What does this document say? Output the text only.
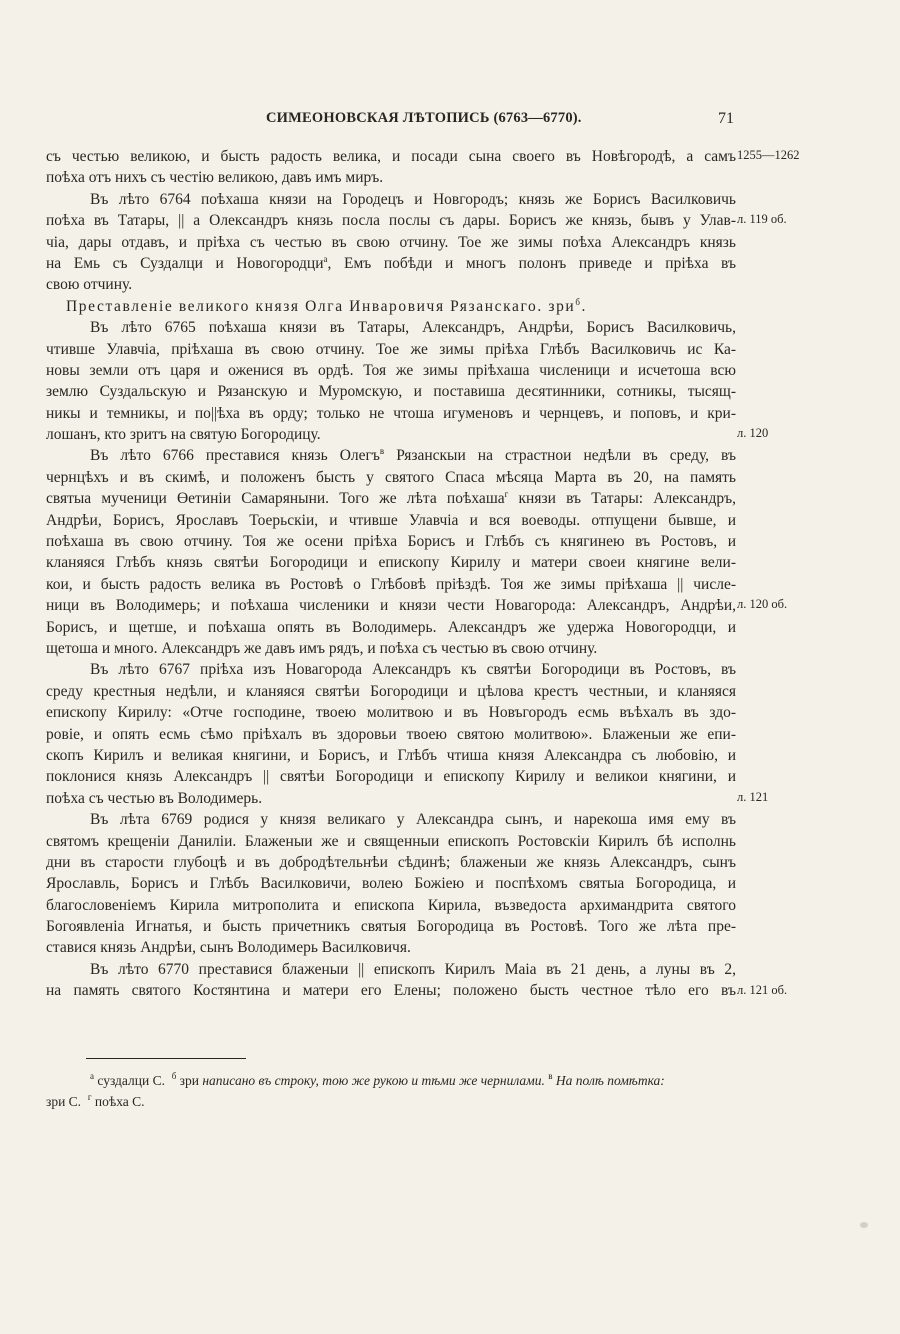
СИМЕОНОВСКАЯ ЛѢТОПИСЬ (6763—6770).	71
съ честью великою, и бысть радость велика, и посади сына своего въ Новѣгородѣ, а самъ
поѣха отъ нихъ съ честію великою, давъ имъ миръ.
Въ лѣто 6764 поѣхаша князи на Городецъ и Новгородъ; князь же Борисъ Василковичь
поѣха въ Татары, || а Олександръ князь посла послы съ дары. Борисъ же князь, бывъ у Улав-
чіа, дары отдавъ, и пріѣха съ честью въ свою отчину. Тое же зимы поѣха Александръ князь
на Емь съ Суздалци и Новогородци$^а$, Емъ побѣди и многъ полонъ приведе и пріѣха въ
свою отчину.
Преставленіе великого князя Олга Инваровичя Рязанскаго. зри$^б$.
Въ лѣто 6765 поѣхаша князи въ Татары, Александръ, Андрѣи, Борисъ Василковичь,
чтивше Улавчіа, пріѣхаша въ свою отчину. Тое же зимы пріѣха Глѣбъ Василковичь ис Ка-
новы земли отъ царя и оженися въ ордѣ. Тоя же зимы пріѣхаша численици и исчетоша всю
землю Суздальскую и Рязанскую и Муромскую, и поставиша десятинники, сотникы, тысящ-
никы и темникы, и по||ѣха въ орду; только не чтоша игуменовъ и чернцевъ, и поповъ, и кри-
лошанъ, кто зритъ на святую Богородицу.
Въ лѣто 6766 преставися князь Олегъ$^в$ Рязанскыи на страстнои недѣли въ среду, въ
чернцѣхъ и въ скимѣ, и положенъ бысть у святого Спаса мѣсяца Марта въ 20, на память
святыа мученици Өетиніи Самаряныни. Того же лѣта поѣхаша$^г$ князи въ Татары: Александръ,
Андрѣи, Борисъ, Ярославъ Тоерьскіи, и чтивше Улавчіа и вся воеводы. отпущени бывше, и
поѣхаша въ свою отчину. Тоя же осени пріѣха Борисъ и Глѣбъ съ княгинею въ Ростовъ, и
кланяяся Глѣбъ князь святѣи Богородици и епископу Кирилу и матери своеи княгине вели-
кои, и бысть радость велика въ Ростовѣ о Глѣбовѣ пріѣздѣ. Тоя же зимы пріѣхаша || числе-
ници въ Володимерь; и поѣхаша численики и князи чести Новагорода: Александръ, Андрѣи,
Борисъ, и щетше, и поѣхаша опять въ Володимерь. Александръ же удержа Новогородци, и
щетоша и много. Александръ же давъ имъ рядъ, и поѣха съ честью въ свою отчину.
Въ лѣто 6767 пріѣха изъ Новагорода Александръ къ святѣи Богородици въ Ростовъ, въ
среду крестныя недѣли, и кланяяся святѣи Богородици и цѣлова крестъ честныи, и кланяяся
епископу Кирилу: «Отче господине, твоею молитвою и въ Новъгородъ есмь въѣхалъ въ здо-
ровіе, и опять есмь сѣмо пріѣхалъ въ здоровьи твоею святою молитвою». Блаженыи же епи-
скопъ Кирилъ и великая княгини, и Борисъ, и Глѣбъ чтиша князя Александра съ любовію, и
поклонися князь Александръ || святѣи Богородици и епископу Кирилу и великои княгини, и
поѣха съ честью въ Володимерь.
Въ лѣта 6769 родися у князя великаго у Александра сынъ, и нарекоша имя ему въ
святомъ крещеніи Даниліи. Блаженыи же и священныи епископъ Ростовскіи Кирилъ бѣ исполнь
дни въ старости глубоцѣ и въ добродѣтельнѣи сѣдинѣ; блаженыи же князь Александръ, сынъ
Ярославль, Борисъ и Глѣбъ Василковичи, волею Божіею и поспѣхомъ святыа Богородица, и
благословеніемъ Кирила митрополита и епископа Кирила, възведоста архимандрита святого
Богоявленіа Игнатья, и бысть причетникъ святыя Богородица въ Ростовѣ. Того же лѣта пре-
ставися князь Андрѣи, сынъ Володимерь Василковичя.
Въ лѣто 6770 преставися блаженыи || епископъ Кирилъ Маіа въ 21 день, а луны въ 2,
на память святого Костянтина и матери его Елены; положено бысть честное тѣло его въ
1255—1262
л. 119 об.
л. 120
л. 120 об.
л. 121
л. 121 об.
$^а$ суздалци С. $^б$ зри написано въ строку, тою же рукою и тѣми же чернилами. $^в$ На полѣ помѣтка:
зри С. $^г$ поѣха С.
